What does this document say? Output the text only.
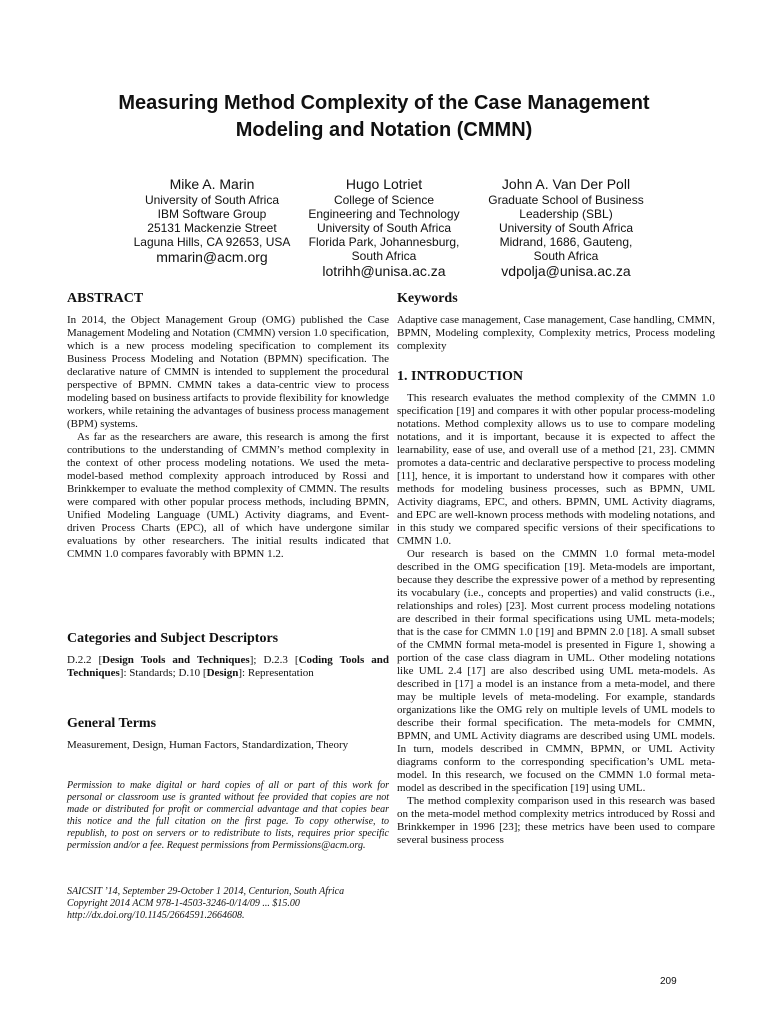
Measuring Method Complexity of the Case Management
Modeling and Notation (CMMN)
Mike A. Marin
University of South Africa
IBM Software Group
25131 Mackenzie Street
Laguna Hills, CA 92653, USA
mmarin@acm.org
Hugo Lotriet
College of Science
Engineering and Technology
University of South Africa
Florida Park, Johannesburg,
South Africa
lotrihh@unisa.ac.za
John A. Van Der Poll
Graduate School of Business
Leadership (SBL)
University of South Africa
Midrand, 1686, Gauteng,
South Africa
vdpolja@unisa.ac.za
ABSTRACT

In 2014, the Object Management Group (OMG) published the Case Management Modeling and Notation (CMMN) version 1.0 specification, which is a new process modeling specification to complement its Business Process Modeling and Notation (BPMN) specification. The declarative nature of CMMN is intended to supplement the procedural perspective of BPMN. CMMN takes a data-centric view to process modeling based on business artifacts to provide flexibility for knowledge workers, while retaining the advantages of business process management (BPM) systems.

As far as the researchers are aware, this research is among the first contributions to the understanding of CMMN’s method complexity in the context of other process modeling notations. We used the meta-model-based method complexity approach introduced by Rossi and Brinkkemper to evaluate the method complexity of CMMN. The results were compared with other popular process methods, including BPMN, Unified Modeling Language (UML) Activity diagrams, and Event-driven Process Charts (EPC), all of which have undergone similar evaluations by other researchers. The initial results indicated that CMMN 1.0 compares favorably with BPMN 1.2.

Categories and Subject Descriptors

D.2.2 [Design Tools and Techniques]; D.2.3 [Coding Tools and Techniques]: Standards; D.10 [Design]: Representation

General Terms

Measurement, Design, Human Factors, Standardization, Theory

Permission to make digital or hard copies of all or part of this work for personal or classroom use is granted without fee provided that copies are not made or distributed for profit or commercial advantage and that copies bear this notice and the full citation on the first page. To copy otherwise, to republish, to post on servers or to redistribute to lists, requires prior specific permission and/or a fee. Request permissions from Permissions@acm.org.

SAICSIT ’14, September 29-October 1 2014, Centurion, South Africa

Copyright 2014 ACM 978-1-4503-3246-0/14/09 ... $15.00

http://dx.doi.org/10.1145/2664591.2664608.

Keywords

Adaptive case management, Case management, Case handling, CMMN, BPMN, Modeling complexity, Complexity metrics, Process modeling complexity

1. INTRODUCTION

This research evaluates the method complexity of the CMMN 1.0 specification [19] and compares it with other popular process-modeling notations. Method complexity allows us to use to compare modeling notations, and it is important, because it is expected to affect the learnability, ease of use, and overall use of a method [21, 23]. CMMN promotes a data-centric and declarative perspective to process modeling [11], hence, it is important to understand how it compares with other methods for modeling business processes, such as BPMN, UML Activity diagrams, EPC, and others. BPMN, UML Activity diagrams, and EPC are well-known process methods with modeling notations, and in this study we compared specific versions of their specifications to CMMN 1.0.

Our research is based on the CMMN 1.0 formal meta-model described in the OMG specification [19]. Meta-models are important, because they describe the expressive power of a method by representing its vocabulary (i.e., concepts and properties) and valid constructs (i.e., relationships and roles) [23]. Most current process modeling notations are described in their formal specifications using UML meta-models; that is the case for CMMN 1.0 [19] and BPMN 2.0 [18]. A small subset of the CMMN formal meta-model is presented in Figure 1, showing a portion of the case class diagram in UML. Other modeling notations like UML 2.4 [17] are also described using UML meta-models. As described in [17] a model is an instance from a meta-model, and there may be multiple levels of meta-modeling. For example, standards organizations like the OMG rely on multiple levels of UML models to describe their formal specification. The meta-models for CMMN, BPMN, and UML Activity diagrams are described using UML models. In turn, models described in CMMN, BPMN, or UML Activity diagrams conform to the corresponding specification’s UML meta-model. In this research, we focused on the CMMN 1.0 formal meta-model as described in the specification [19] using UML.

The method complexity comparison used in this research was based on the meta-model method complexity metrics introduced by Rossi and Brinkkemper in 1996 [23]; these metrics have been used to compare several business process

209
